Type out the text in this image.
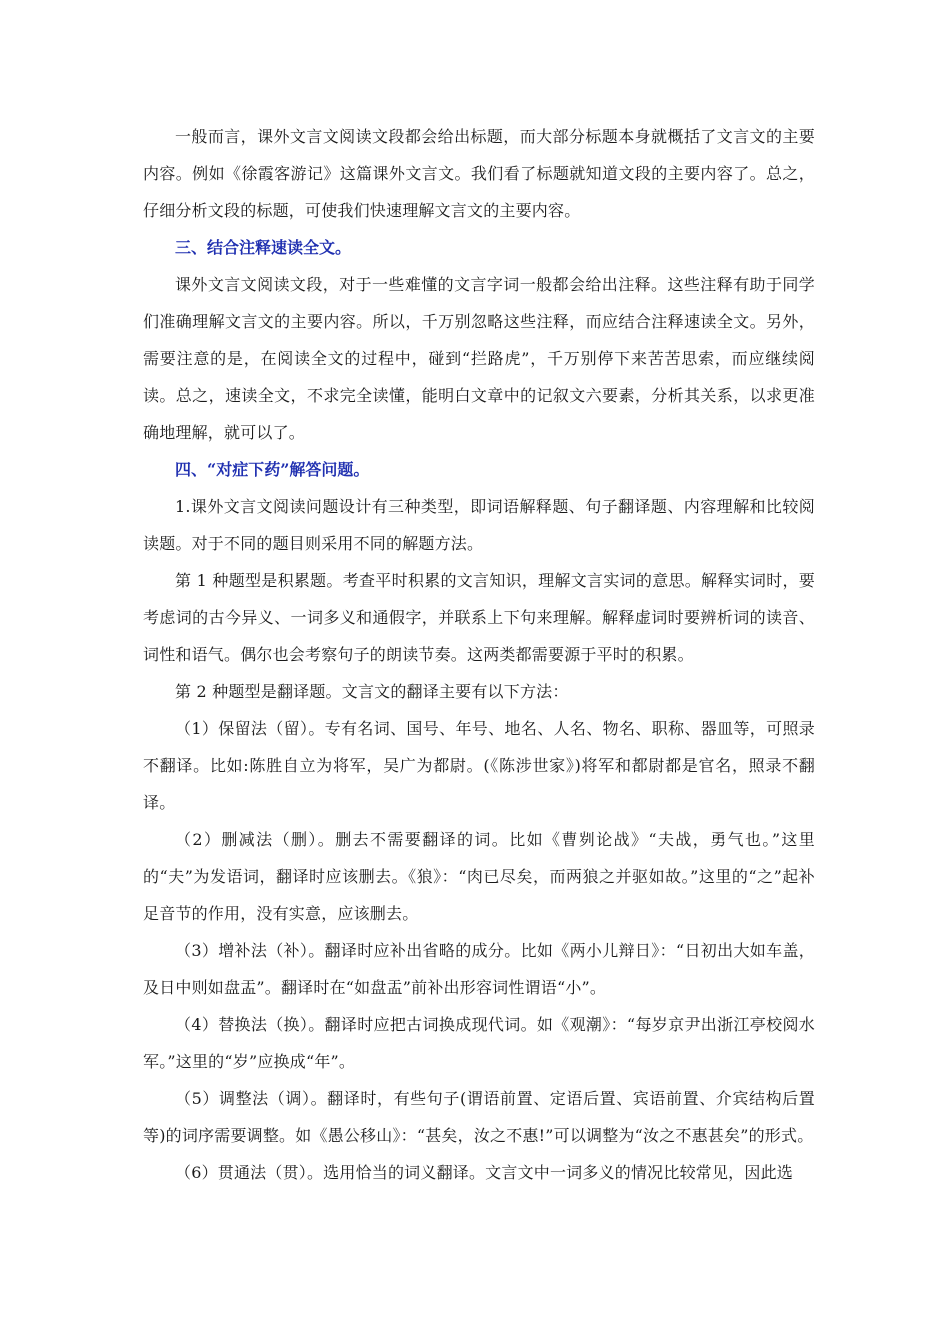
一般而言，课外文言文阅读文段都会给出标题，而大部分标题本身就概括了文言文的主要内容。例如《徐霞客游记》这篇课外文言文。我们看了标题就知道文段的主要内容了。总之，仔细分析文段的标题，可使我们快速理解文言文的主要内容。

三、结合注释速读全文。

课外文言文阅读文段，对于一些难懂的文言字词一般都会给出注释。这些注释有助于同学们准确理解文言文的主要内容。所以，千万别忽略这些注释，而应结合注释速读全文。另外，需要注意的是，在阅读全文的过程中，碰到“拦路虎”，千万别停下来苦苦思索，而应继续阅读。总之，速读全文，不求完全读懂，能明白文章中的记叙文六要素，分析其关系，以求更准确地理解，就可以了。

四、“对症下药”解答问题。

1.课外文言文阅读问题设计有三种类型，即词语解释题、句子翻译题、内容理解和比较阅读题。对于不同的题目则采用不同的解题方法。

第 1 种题型是积累题。考查平时积累的文言知识，理解文言实词的意思。解释实词时，要考虑词的古今异义、一词多义和通假字，并联系上下句来理解。解释虚词时要辨析词的读音、词性和语气。偶尔也会考察句子的朗读节奏。这两类都需要源于平时的积累。

第 2 种题型是翻译题。文言文的翻译主要有以下方法：

（1）保留法（留）。专有名词、国号、年号、地名、人名、物名、职称、器皿等，可照录不翻译。比如:陈胜自立为将军，吴广为都尉。(《陈涉世家》)将军和都尉都是官名，照录不翻译。

（2）删减法（删）。删去不需要翻译的词。比如《曹刿论战》“夫战，勇气也。”这里的“夫”为发语词，翻译时应该删去。《狼》：“肉已尽矣，而两狼之并驱如故。”这里的“之”起补足音节的作用，没有实意，应该删去。

（3）增补法（补）。翻译时应补出省略的成分。比如《两小儿辩日》：“日初出大如车盖，及日中则如盘盂”。翻译时在“如盘盂”前补出形容词性谓语“小”。

（4）替换法（换）。翻译时应把古词换成现代词。如《观潮》：“每岁京尹出浙江亭校阅水军。”这里的“岁”应换成“年”。

（5）调整法（调）。翻译时，有些句子(谓语前置、定语后置、宾语前置、介宾结构后置等)的词序需要调整。如《愚公移山》：“甚矣，汝之不惠!”可以调整为“汝之不惠甚矣”的形式。

（6）贯通法（贯）。选用恰当的词义翻译。文言文中一词多义的情况比较常见，因此选
